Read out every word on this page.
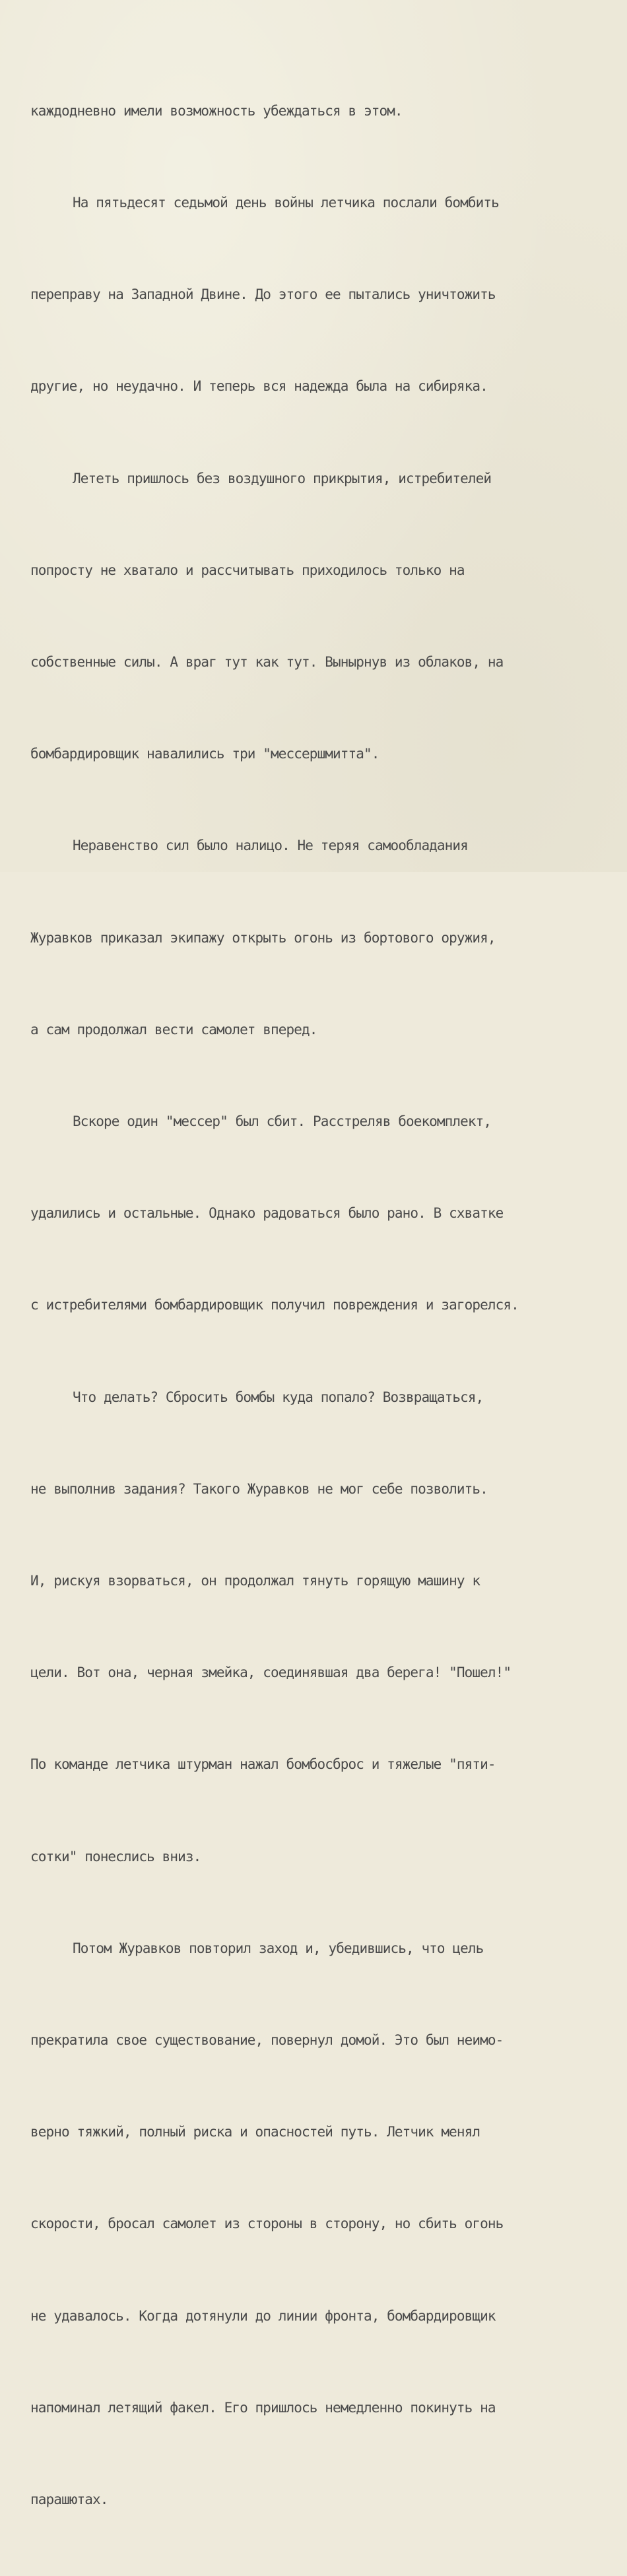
каждодневно имели возможность убеждаться в этом.

На пятьдесят седьмой день войны летчика послали бомбить

переправу на Западной Двине. До этого ее пытались уничтожить

другие, но неудачно. И теперь вся надежда была на сибиряка.

Лететь пришлось без воздушного прикрытия, истребителей

попросту не хватало и рассчитывать приходилось только на

собственные силы. А враг тут как тут. Вынырнув из облаков, на

бомбардировщик навалились три "мессершмитта".

Неравенство сил было налицо. Не теряя самообладания

Журавков приказал экипажу открыть огонь из бортового оружия,

а сам продолжал вести самолет вперед.

Вскоре один "мессер" был сбит. Расстреляв боекомплект,

удалились и остальные. Однако радоваться было рано. В схватке

с истребителями бомбардировщик получил повреждения и загорелся.

Что делать? Сбросить бомбы куда попало? Возвращаться,

не выполнив задания? Такого Журавков не мог себе позволить.

И, рискуя взорваться, он продолжал тянуть горящую машину к

цели. Вот она, черная змейка, соединявшая два берега! "Пошел!"

По команде летчика штурман нажал бомбосброс и тяжелые "пяти-

сотки" понеслись вниз.

Потом Журавков повторил заход и, убедившись, что цель

прекратила свое существование, повернул домой. Это был неимо-

верно тяжкий, полный риска и опасностей путь. Летчик менял

скорости, бросал самолет из стороны в сторону, но сбить огонь

не удавалось. Когда дотянули до линии фронта, бомбардировщик

напоминал летящий факел. Его пришлось немедленно покинуть на

парашютах.
